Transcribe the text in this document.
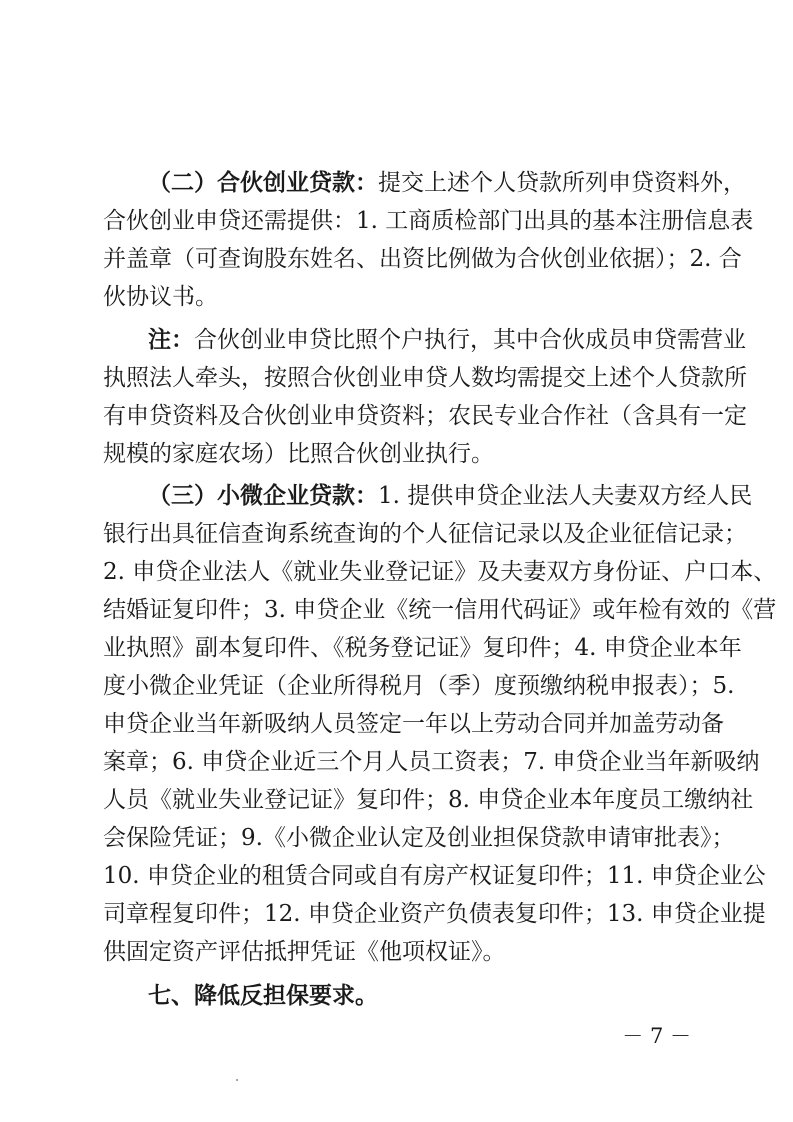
（二）合伙创业贷款：提交上述个人贷款所列申贷资料外，
合伙创业申贷还需提供：1. 工商质检部门出具的基本注册信息表
并盖章（可查询股东姓名、出资比例做为合伙创业依据）；2. 合
伙协议书。
注：合伙创业申贷比照个户执行，其中合伙成员申贷需营业
执照法人牵头，按照合伙创业申贷人数均需提交上述个人贷款所
有申贷资料及合伙创业申贷资料；农民专业合作社（含具有一定
规模的家庭农场）比照合伙创业执行。
（三）小微企业贷款：1. 提供申贷企业法人夫妻双方经人民
银行出具征信查询系统查询的个人征信记录以及企业征信记录；
2. 申贷企业法人《就业失业登记证》及夫妻双方身份证、户口本、
结婚证复印件；3. 申贷企业《统一信用代码证》或年检有效的《营
业执照》副本复印件、《税务登记证》复印件；4. 申贷企业本年
度小微企业凭证（企业所得税月（季）度预缴纳税申报表）；5.
申贷企业当年新吸纳人员签定一年以上劳动合同并加盖劳动备
案章；6. 申贷企业近三个月人员工资表；7. 申贷企业当年新吸纳
人员《就业失业登记证》复印件；8. 申贷企业本年度员工缴纳社
会保险凭证；9.《小微企业认定及创业担保贷款申请审批表》；
10. 申贷企业的租赁合同或自有房产权证复印件；11. 申贷企业公
司章程复印件；12. 申贷企业资产负债表复印件；13. 申贷企业提
供固定资产评估抵押凭证《他项权证》。
七、降低反担保要求。
－ 7 －
